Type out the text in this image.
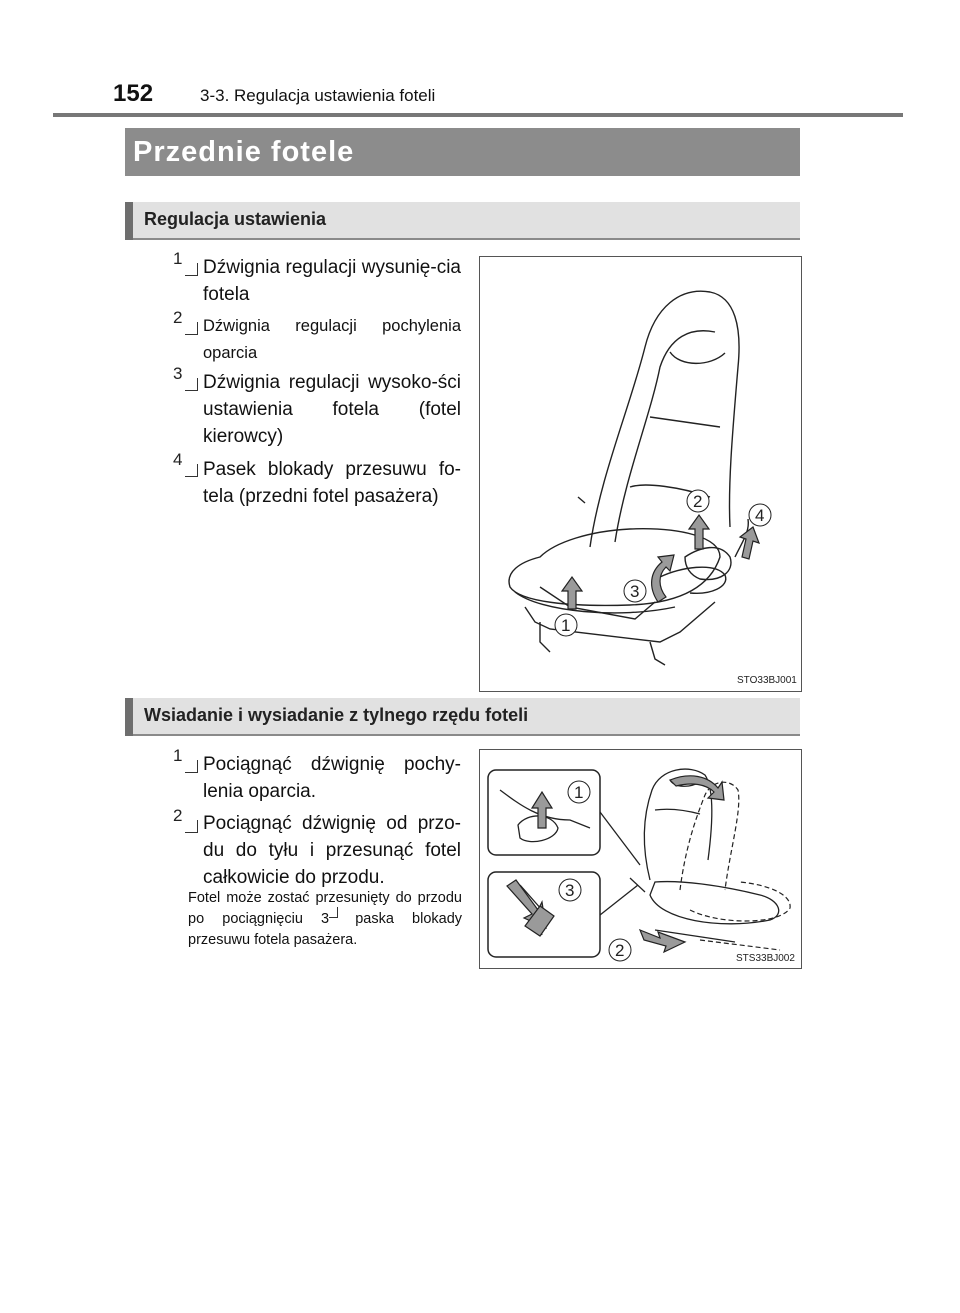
152	3-3. Regulacja ustawienia foteli
Przednie fotele
Regulacja ustawienia
1	Dźwignia regulacji wysunię-cia fotela
2	Dźwignia regulacji pochylenia oparcia
3	Dźwignia regulacji wysoko-ści ustawienia fotela (fotel kierowcy)
4	Pasek blokady przesuwu fo-tela (przedni fotel pasażera)	2
4
3
1
STO33BJ001
Wsiadanie i wysiadanie z tylnego rzędu foteli
1	Pociągnąć dźwignię pochy-lenia oparcia.
2	Pociągnąć dźwignię od przo-du do tyłu i przesunąć fotel całkowicie do przodu.
Fotel może zostać przesunięty do przodu po pociągnięciu 3 paska blokady przesuwu fotela pasażera.
1
3
2	STS33BJ002
